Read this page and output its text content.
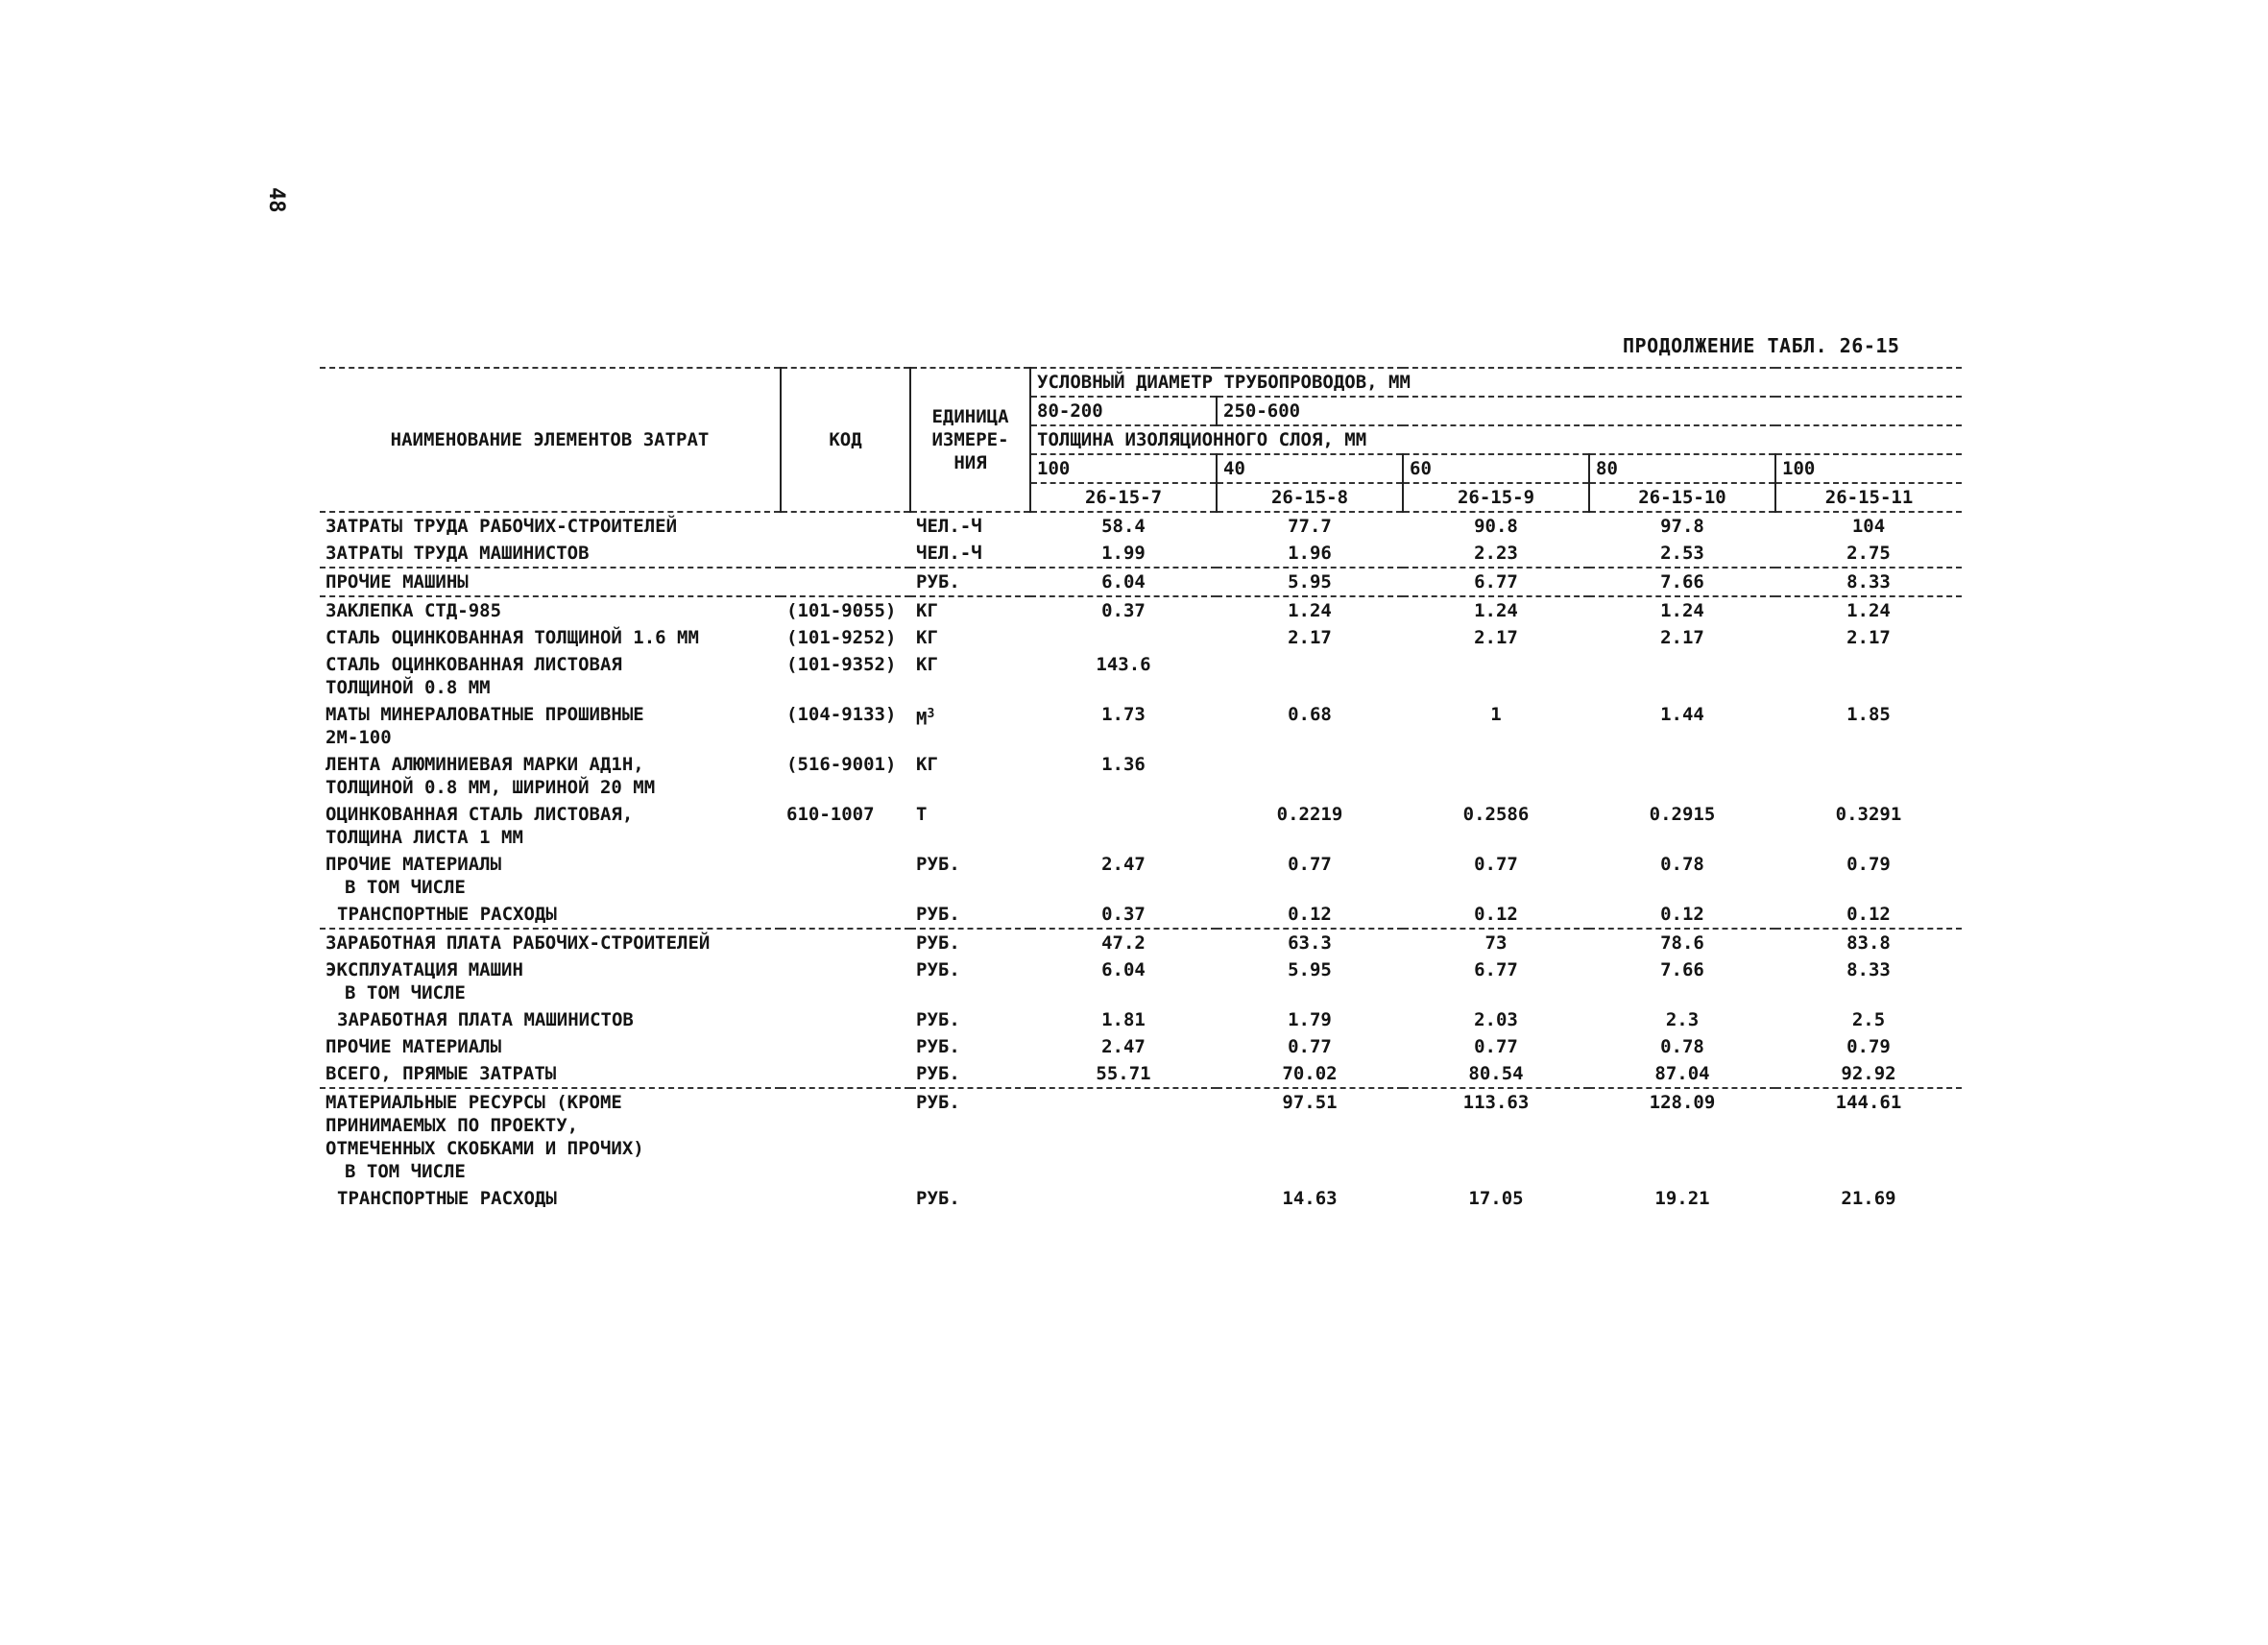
48
ПРОДОЛЖЕНИЕ ТАБЛ. 26-15
НАИМЕНОВАНИЕ ЭЛЕМЕНТОВ ЗАТРАТ	КОД	ЕДИНИЦА
ИЗМЕРЕ-
НИЯ	УСЛОВНЫЙ ДИАМЕТР ТРУБОПРОВОДОВ, ММ				
			80-200	250-600			
			ТОЛЩИНА ИЗОЛЯЦИОННОГО СЛОЯ, ММ				
			100	40	60	80	100
			26-15-7	26-15-8	26-15-9	26-15-10	26-15-11
ЗАТРАТЫ ТРУДА РАБОЧИХ-СТРОИТЕЛЕЙ		ЧЕЛ.-Ч	58.4	77.7	90.8	97.8	104

ЗАТРАТЫ ТРУДА МАШИНИСТОВ		ЧЕЛ.-Ч	1.99	1.96	2.23	2.53	2.75

ПРОЧИЕ МАШИНЫ		РУБ.	6.04	5.95	6.77	7.66	8.33

ЗАКЛЕПКА СТД-985	(101-9055)	КГ	0.37	1.24	1.24	1.24	1.24

СТАЛЬ ОЦИНКОВАННАЯ ТОЛЩИНОЙ 1.6 ММ	(101-9252)	КГ		2.17	2.17	2.17	2.17

СТАЛЬ ОЦИНКОВАННАЯ ЛИСТОВАЯ
ТОЛЩИНОЙ 0.8 ММ	(101-9352)	КГ	143.6				

МАТЫ МИНЕРАЛОВАТНЫЕ ПРОШИВНЫЕ
2М-100	(104-9133)	$М^3$	1.73	0.68	1	1.44	1.85

ЛЕНТА АЛЮМИНИЕВАЯ МАРКИ АД1Н,
ТОЛЩИНОЙ 0.8 ММ, ШИРИНОЙ 20 ММ	(516-9001)	КГ	1.36				

ОЦИНКОВАННАЯ СТАЛЬ ЛИСТОВАЯ,
ТОЛЩИНА ЛИСТА 1 ММ	610-1007	Т		0.2219	0.2586	0.2915	0.3291

ПРОЧИЕ МАТЕРИАЛЫ
В ТОМ ЧИСЛЕ		РУБ.	2.47	0.77	0.77	0.78	0.79

ТРАНСПОРТНЫЕ РАСХОДЫ		РУБ.	0.37	0.12	0.12	0.12	0.12

ЗАРАБОТНАЯ ПЛАТА РАБОЧИХ-СТРОИТЕЛЕЙ		РУБ.	47.2	63.3	73	78.6	83.8

ЭКСПЛУАТАЦИЯ МАШИН
В ТОМ ЧИСЛЕ		РУБ.	6.04	5.95	6.77	7.66	8.33

ЗАРАБОТНАЯ ПЛАТА МАШИНИСТОВ		РУБ.	1.81	1.79	2.03	2.3	2.5

ПРОЧИЕ МАТЕРИАЛЫ		РУБ.	2.47	0.77	0.77	0.78	0.79

ВСЕГО, ПРЯМЫЕ ЗАТРАТЫ		РУБ.	55.71	70.02	80.54	87.04	92.92

МАТЕРИАЛЬНЫЕ РЕСУРСЫ (КРОМЕ
ПРИНИМАЕМЫХ ПО ПРОЕКТУ,
ОТМЕЧЕННЫХ СКОБКАМИ И ПРОЧИХ)
В ТОМ ЧИСЛЕ		РУБ.		97.51	113.63	128.09	144.61

ТРАНСПОРТНЫЕ РАСХОДЫ		РУБ.		14.63	17.05	19.21	21.69
